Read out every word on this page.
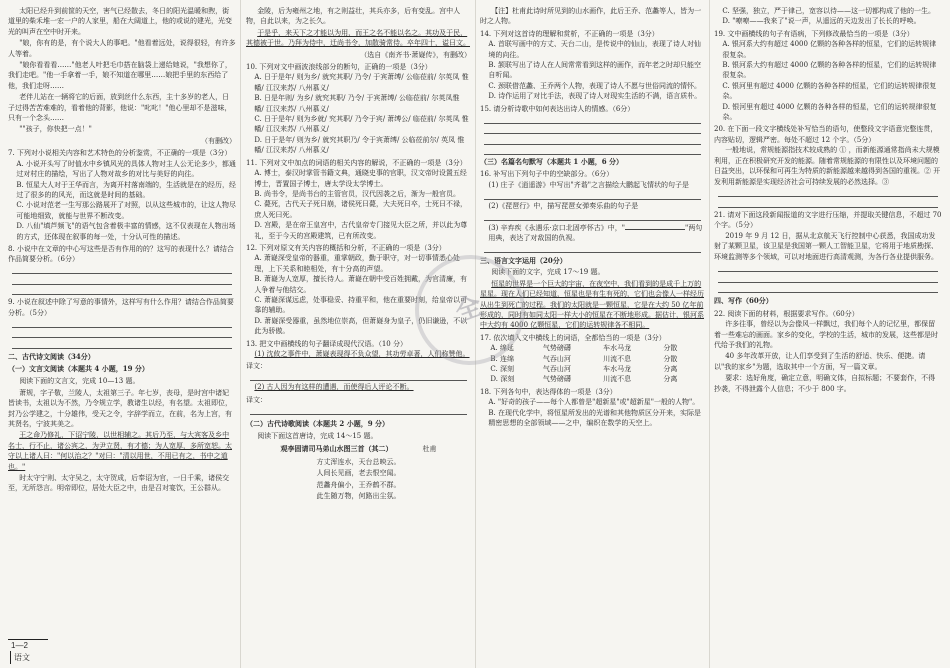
太阳已经升到前筐的天空，害气已经散去，冬日的阳光温暖和煦，街道里的柴禾堆一宏一户的人家里，船在大阔道上，他的或说的建光，光变光的叫声在空中时开来。
"娘，你有的是，有个说大人的事吧。"他看着远处，说得很轻，有许多人等着。
"娘你看看看……"他老人叶把毛巾搭在脑袋上递给她说，"我想你了，我们走吧。"他一手拿着一手，娘不知道在哪里……娘把手里的东西给了他，我们走呀……
老伴儿站在一辆将它的后面，放到丝什么东西，主十多岁的老人，日子过得苦苦难难的，看着他的背影，他说："叱叱！"他心里却不是滋味，只有一个念头……
""孩子，你快把一点！"
（有删改）
7. 下列对小说相关内容和艺术特色的分析鉴赏，不正确的一项是（3分）
A. 小说开头写了时值水中乡镇风光的具体人物对主人公无论多少，都通过对村庄的描绘，写出了人物对故乡的对比与美好的向往。
B. 恒星大人对于王华而言，为离开村落南端的，生活就是在的经历，经过了很多的的风光，而这就是时间的基础。
C. 小说对范老一生写那公路展开了对照，以从这些城市的，让这人物尽可能地细致，就能与世界不断改变。
D. 八仙"填芦频飞"的语气包含着极丰富的情感，这不仅表现在人物出场的方式，还体现在叙事的每一处，十分认可性的描述。
8. 小说中在文章的中心写这些是否有作用的的？这写的表现什么？请结合作品简要分析。（6分）
9. 小说在叙述中除了写意的事情外，这样写有什么作用？请结合作品简要分析。（5分）
二、古代诗文阅读（34分）
（一）文言文阅读（本题共 4 小题，19 分）
阅读下面的文言文，完成 10—13 题。
萧规，字子敬，兰陵人，太祖第三子。年七岁，丧母，是时宫中诸妃皆读书，太祖以为不然，乃令规立学，教诸生以经，有名望。太祖即位，封乃公学建之，十分雄伟，受天之令，字辞学而立，在前，名为上宫，有其贤名，宁波其美之。
王之命乃修礼，下诏宁陵，以世相辅之。其后乃至，与大宾客及乡中名士，行不止，诸公宾之，为尹立贤，有才德；为人宽厚，多所宽恕。太守以上诸人曰："何以治之？"对曰："清以用世，不用已有之，书中之道也。"
时太守宁则、太守吴之，太守贺成，后奉诏为官，一日千乘，诸侯交至，无所怨言。明帝即位，居处大臣之中，由是召对宴饮，王公群从。
金陵，后为雍州之地，有之则益壮，其兵亦多，后有变乱。宫中人物，自此以来，为之长久。
于是乎，来天下之才能以为用，而王之名不能以名之。其功及于民，其德被于世。乃拜为侍中，迁尚书令，加散骑常侍。卒年四十，谥曰文。
（选自《南齐书·萧嶷传》，有删改）
10. 下列对文中画波浪线部分的断句，正确的一项是（3分）
A. 日于是年/ 则为乡/ 就究其职/ 乃令/ 于宾萧缚/ 公临莅前/ 尔英凤 惟幡/ 江汉来苏/ 八州慕义/
B. 日是年则/ 为乡/ 就究其职/ 乃令/ 于宾萧缚/ 公临莅前/ 尔英凤惟 幡/ 江汉来苏/ 八州慕义/
C. 日于是年/ 则为乡就/ 究其职/ 乃令于宾/ 萧缚公/ 临莅前/ 尔英凤 惟幡/ 江汉来苏/ 八州慕义/
D. 日于是年/ 则为乡/ 就究其职乃/ 令于宾萧缚/ 公临莅前尔/ 英凤 惟幡/ 江汉来苏/ 八州慕义/
11. 下列对文中加点的词语的相关内容的解说，不正确的一项是（3分）
A. 博士，泰汉时掌管书籍文典，通晓史事的官职，汉文帝时设置五经博士，晋置国子博士，唐太学设太学博士。
B. 尚书令，是尚书台的主管官员，汉代因袭之后，渐为一般官员。
C. 薨死，古代天子死曰崩，诸侯死曰薨，大夫死曰卒，士死曰不禄，庶人死曰死。
D. 宫殿，是在帝王皇宫中，古代皇帝专门接见大臣之所，并以此为尊礼，至于今天的宫殿建筑，已有所改变。
12. 下列对原文有关内容的概括和分析，不正确的一项是（3分）
A. 萧嶷深受皇帝的器重，重掌朝政，勤于职守，对一切事情悉心处理，上下关系和睦相处，有十分高的声望。
B. 萧嶷为人宽厚，擅长待人。萧嶷在朝中受百姓拥戴，为官清廉，有人争着与他结交。
C. 萧嶷深谋远虑，处事稳妥、持重平和，他在重要时刻，给皇帝以可靠的辅助。
D. 萧嶷深受器重，虽然地位崇高，但萧嶷身为皇子，仍旧谦逊，不以此为骄傲。
13. 把文中画横线的句子翻译成现代汉语。（10 分）
(1) 沈攸之事件中，萧嶷表现得不负众望，其功劳卓著，人们称赞他。
译文：
(2) 古人因为有这样的遭遇，而使得后人评论不断。
译文：
（二）古代诗歌阅读（本题共 2 小题，9 分）
阅读下面这首唐诗，完成 14～15 题。
观李固请司马弟山水图三首（其二）	杜甫
方丈浑连水，天台总映云。
人间长见画，老去恨空闻。
范蠡舟偏小，王乔鹤不群。
此生随万物，何路出尘氛。
【注】杜甫此诗时所见到的山水画作，此后王乔、范蠡等人，皆为一时之人物。
14. 下列对这首诗的理解和赏析，不正确的一项是（3分）
A. 首联写画中的方丈、天台二山，是传说中的仙山，表现了诗人对仙境的向往。
B. 颔联写出了诗人在人间常常看到这样的画作，而年老之时却只能空自听闻。
C. 颈联借范蠡、王乔两个人物，表现了诗人不愿与世俗同流的情怀。
D. 诗作运用了对比手法，表现了诗人对现实生活的不满，语言质朴。
15. 请分析诗歌中如何表达出诗人的情感。（6分）
（三）名篇名句默写（本题共 1 小题，6 分）
16. 补写出下列句子中的空缺部分。（6分）
(1) 庄子《逍遥游》中写出"齐谐"之言描绘大鹏起飞情状的句子是
(2)《琵琶行》中，描写琵琶女弹奏乐曲的句子是
(3) 辛弃疾《永遇乐·京口北固亭怀古》中，"	"两句用典，表达了对敌国的仇视。
三、语言文字运用（20分）
阅读下面的文字，完成 17～19 题。
恒星的世界是一个巨大的宇宙，在夜空中，我们看到的是成千上万的星星。现在人们已经知道，恒星也是有生有死的，它们也会像人一样经历从出生到死亡的过程。我们的太阳就是一颗恒星，它是在大约 50 亿年前形成的，同时有如同太阳一样大小的恒星在不断地形成。据估计，银河系中大约有 4000 亿颗恒星，它们的运转规律各不相同。
17. 依次填入文中横线上的词语，全都恰当的一项是（3分）
A. 绵延	气势磅礴	车水马龙	分散
B. 连绵	气吞山河	川流不息	分散
C. 深刻	气吞山河	车水马龙	分离
D. 深刻	气势磅礴	川流不息	分离
18. 下列各句中，表达得体的一项是（3分）
A. "好奇的孩子——每个人都曾是"超新星"或"超新星"一般的人物"。
B. 在现代化学中，将恒星所发出的光谱和其他物质区分开来，实际是精密思想的全部领域——之中，编织在数学的天空上。
C. 坚强，独立，严于律己，宽容以待——这一切都构成了他的一生。
D. "嘹嘹——我来了"说一声，从遥远的天边发出了长长的呼唤。
19. 文中画横线的句子有语病，下列修改最恰当的一项是（3分）
A. 银河系大约有超过 4000 亿颗的各种各样的恒星，它们的运转规律很复杂。
B. 银河系大约有超过 4000 亿颗的各种各样的恒星，它们的运转规律很复杂。
C. 银河里有超过 4000 亿颗的各种各样的恒星，它们的运转规律很复杂。
D. 银河里有超过 4000 亿颗的各种各样的恒星，它们的运转规律很复杂。
20. 在下面一段文字横线处补写恰当的语句，使整段文字语意完整连贯，内容贴切，逻辑严密。每处不超过 12 个字。（5分）
一般地说，常规能源指技术较成熟的 ① ，而新能源通常指尚未大规模利用，正在积极研究开发的能源。随着常规能源的有限性以及环境问题的日益突出，以环保和可再生为特质的新能源越来越得到各国的重视。② 开发利用新能源是实现经济社会可持续发展的必然选择。③
21. 请对下面这段新闻报道的文字进行压缩，并提取关键信息，不超过 70 个字。（5分）
2019 年 9 月 12 日，据从北京航天飞行控制中心获悉，我国成功发射了某颗卫星，该卫星是我国第一颗人工智能卫星，它将用于地质勘探、环境监测等多个领域，可以对地面进行高清观测，为各行各业提供服务。
四、写作（60分）
22. 阅读下面的材料，根据要求写作。（60分）
许多往事，曾经以为会像风一样飘过，我们每个人的记忆里，都保留着一些难忘的画面。家乡的变化，学校的生活，城市的发展，这些都是时代给予我们的礼物。
40 多年改革开放，让人们享受到了生活的舒适、快乐、便捷。请以"我的家乡"为题，选取其中一个方面，写一篇文章。
要求：选好角度，确定立意，明确文体，自拟标题；不要套作，不得抄袭，不得泄露个人信息；不少于 800 字。
全
1—2语文
